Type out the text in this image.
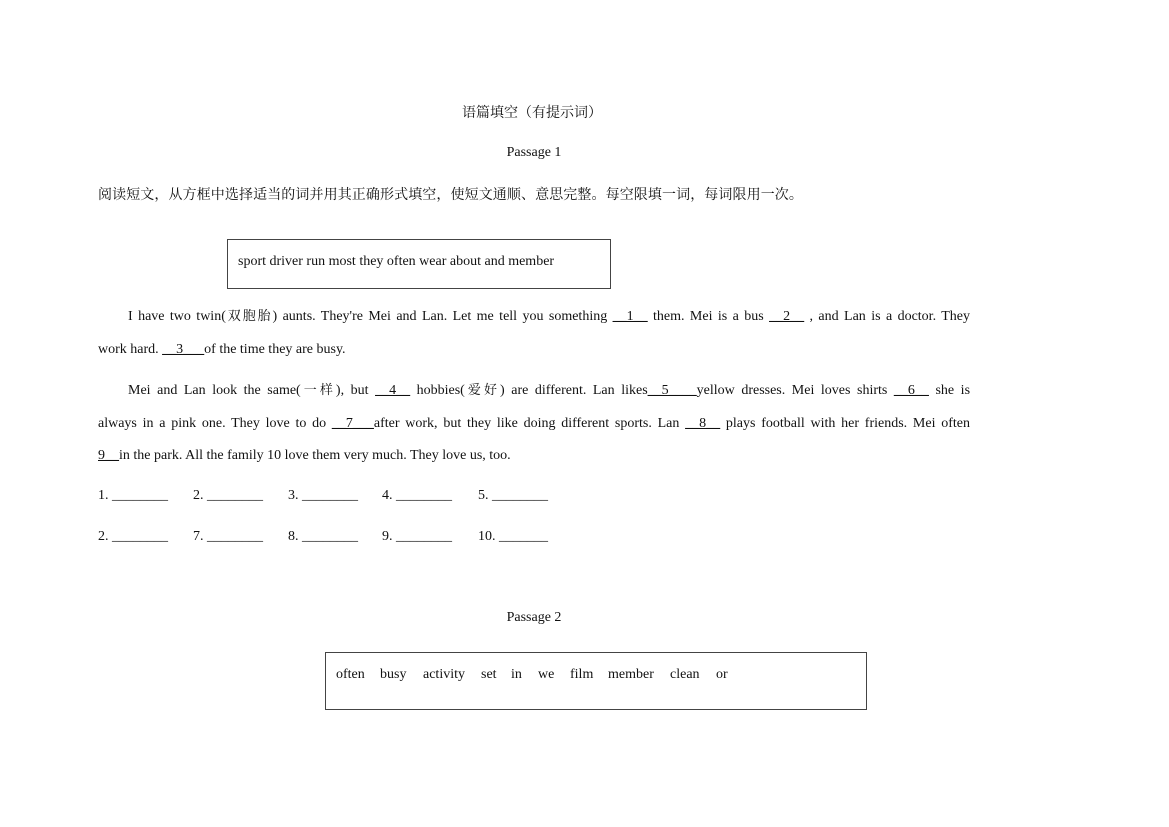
语篇填空（有提示词）
Passage 1
阅读短文，从方框中选择适当的词并用其正确形式填空，使短文通顺、意思完整。每空限填一词，每词限用一次。
sport driver run most they often wear about and member
I have two twin(双胞胎) aunts. They're Mei and Lan. Let me tell you something __1__ them. Mei is a bus __2__ , and Lan is a doctor. They
work hard. __3___of the time they are busy.
Mei and Lan look the same(一样), but __4__ hobbies(爱好) are different. Lan likes__5____yellow dresses. Mei loves shirts __6__ she is
always in a pink one. They love to do __7___after work, but they like doing different sports. Lan __8__ plays football with her friends. Mei often
9__in the park. All the family 10 love them very much. They love us, too.
1. ________ 2. ________ 3. ________ 4. ________ 5. ________
2. ________ 7. ________ 8. ________ 9. ________ 10. _______
Passage 2
often busy activity set in we film member clean or
